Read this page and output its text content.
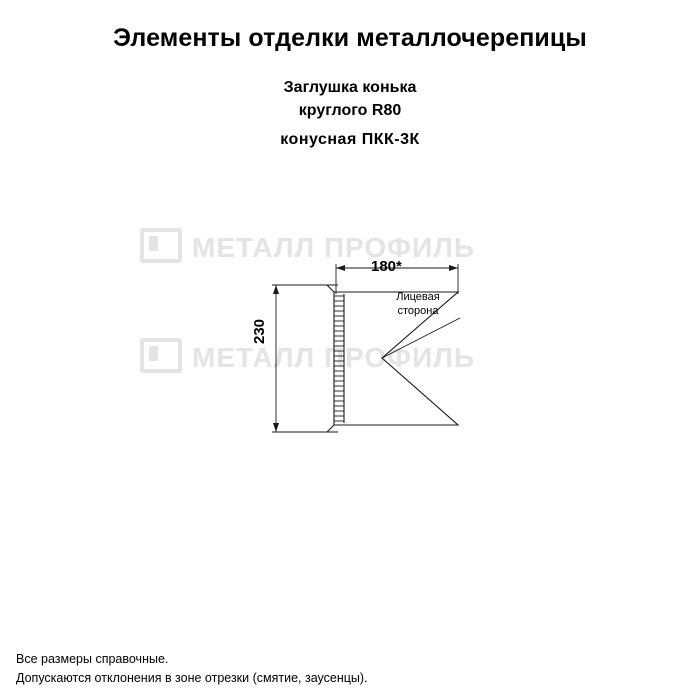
Элементы отделки металлочерепицы
Заглушка конька
круглого R80
конусная ПКК-3К
МЕТАЛЛ ПРОФИЛЬ
МЕТАЛЛ ПРОФИЛЬ
180*
230
Лицевая
сторона
Все размеры справочные.
Допускаются отклонения в зоне отрезки (смятие, заусенцы).
